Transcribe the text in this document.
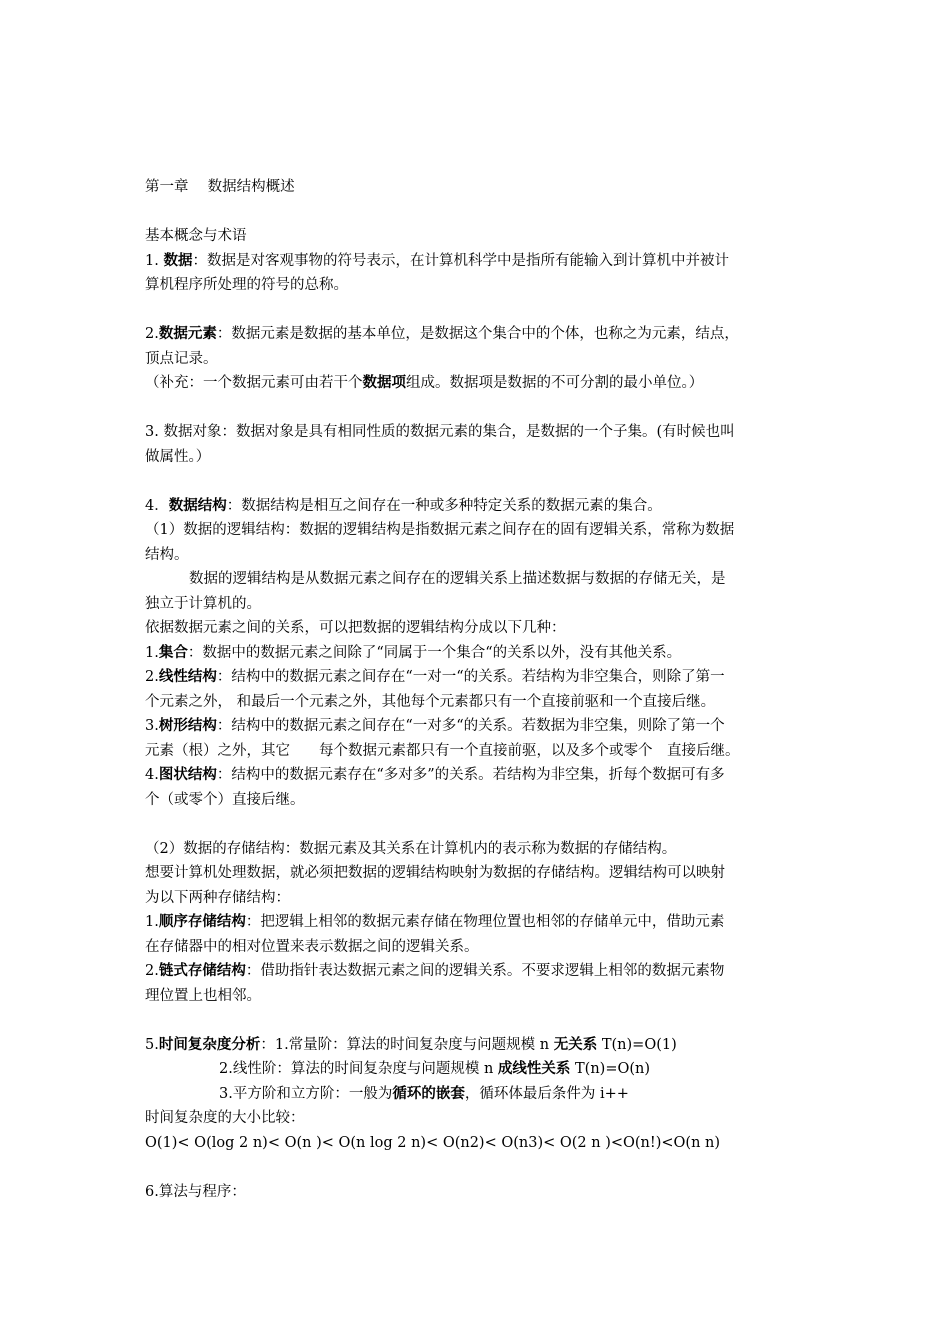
第一章　 数据结构概述
基本概念与术语
1. 数据：数据是对客观事物的符号表示，在计算机科学中是指所有能输入到计算机中并被计
算机程序所处理的符号的总称。
2.数据元素：数据元素是数据的基本单位，是数据这个集合中的个体，也称之为元素，结点，
顶点记录。
（补充：一个数据元素可由若干个数据项组成。数据项是数据的不可分割的最小单位。）
3. 数据对象：数据对象是具有相同性质的数据元素的集合，是数据的一个子集。(有时候也叫
做属性。）
4．数据结构：数据结构是相互之间存在一种或多种特定关系的数据元素的集合。
（1）数据的逻辑结构：数据的逻辑结构是指数据元素之间存在的固有逻辑关系，常称为数据
结构。
数据的逻辑结构是从数据元素之间存在的逻辑关系上描述数据与数据的存储无关，是
独立于计算机的。
依据数据元素之间的关系，可以把数据的逻辑结构分成以下几种：
1.集合：数据中的数据元素之间除了“同属于一个集合“的关系以外，没有其他关系。
2.线性结构：结构中的数据元素之间存在“一对一“的关系。若结构为非空集合，则除了第一
个元素之外， 和最后一个元素之外，其他每个元素都只有一个直接前驱和一个直接后继。
3.树形结构：结构中的数据元素之间存在“一对多“的关系。若数据为非空集，则除了第一个
元素（根）之外，其它　　每个数据元素都只有一个直接前驱，以及多个或零个　直接后继。
4.图状结构：结构中的数据元素存在“多对多”的关系。若结构为非空集，折每个数据可有多
个（或零个）直接后继。
（2）数据的存储结构：数据元素及其关系在计算机内的表示称为数据的存储结构。
想要计算机处理数据，就必须把数据的逻辑结构映射为数据的存储结构。逻辑结构可以映射
为以下两种存储结构：
1.顺序存储结构：把逻辑上相邻的数据元素存储在物理位置也相邻的存储单元中，借助元素
在存储器中的相对位置来表示数据之间的逻辑关系。
2.链式存储结构：借助指针表达数据元素之间的逻辑关系。不要求逻辑上相邻的数据元素物
理位置上也相邻。
5.时间复杂度分析：1.常量阶：算法的时间复杂度与问题规模 n 无关系 T(n)=O(1)
2.线性阶：算法的时间复杂度与问题规模 n 成线性关系 T(n)=O(n)
3.平方阶和立方阶：一般为循环的嵌套，循环体最后条件为 i++
时间复杂度的大小比较：
O(1)< O(log 2 n)< O(n )< O(n log 2 n)< O(n2)< O(n3)< O(2 n )<O(n!)<O(n n)
6.算法与程序：
